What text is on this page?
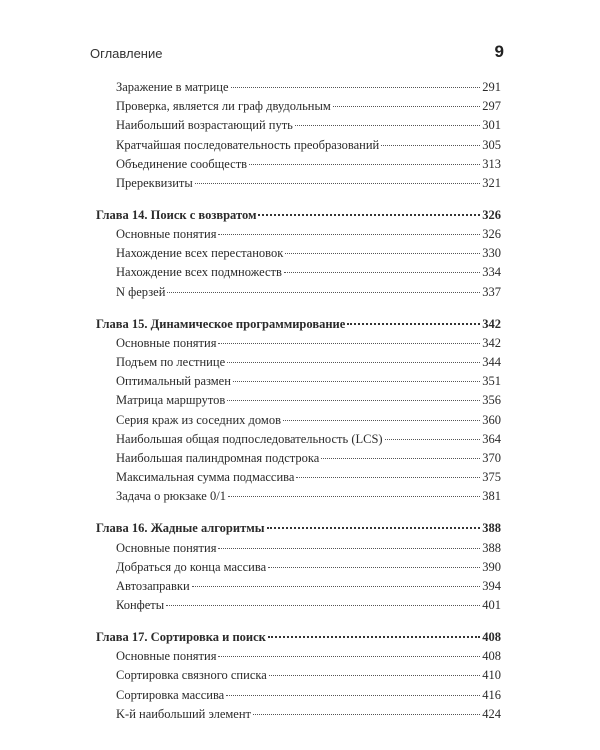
Оглавление	9
Заражение в матрице	291
Проверка, является ли граф двудольным	297
Наибольший возрастающий путь	301
Кратчайшая последовательность преобразований	305
Объединение сообществ	313
Пререквизиты	321
Глава 14. Поиск с возвратом	326
Основные понятия	326
Нахождение всех перестановок	330
Нахождение всех подмножеств	334
N ферзей	337
Глава 15. Динамическое программирование	342
Основные понятия	342
Подъем по лестнице	344
Оптимальный размен	351
Матрица маршрутов	356
Серия краж из соседних домов	360
Наибольшая общая подпоследовательность (LCS)	364
Наибольшая палиндромная подстрока	370
Максимальная сумма подмассива	375
Задача о рюкзаке 0/1	381
Глава 16. Жадные алгоритмы	388
Основные понятия	388
Добраться до конца массива	390
Автозаправки	394
Конфеты	401
Глава 17. Сортировка и поиск	408
Основные понятия	408
Сортировка связного списка	410
Сортировка массива	416
K-й наибольший элемент	424
